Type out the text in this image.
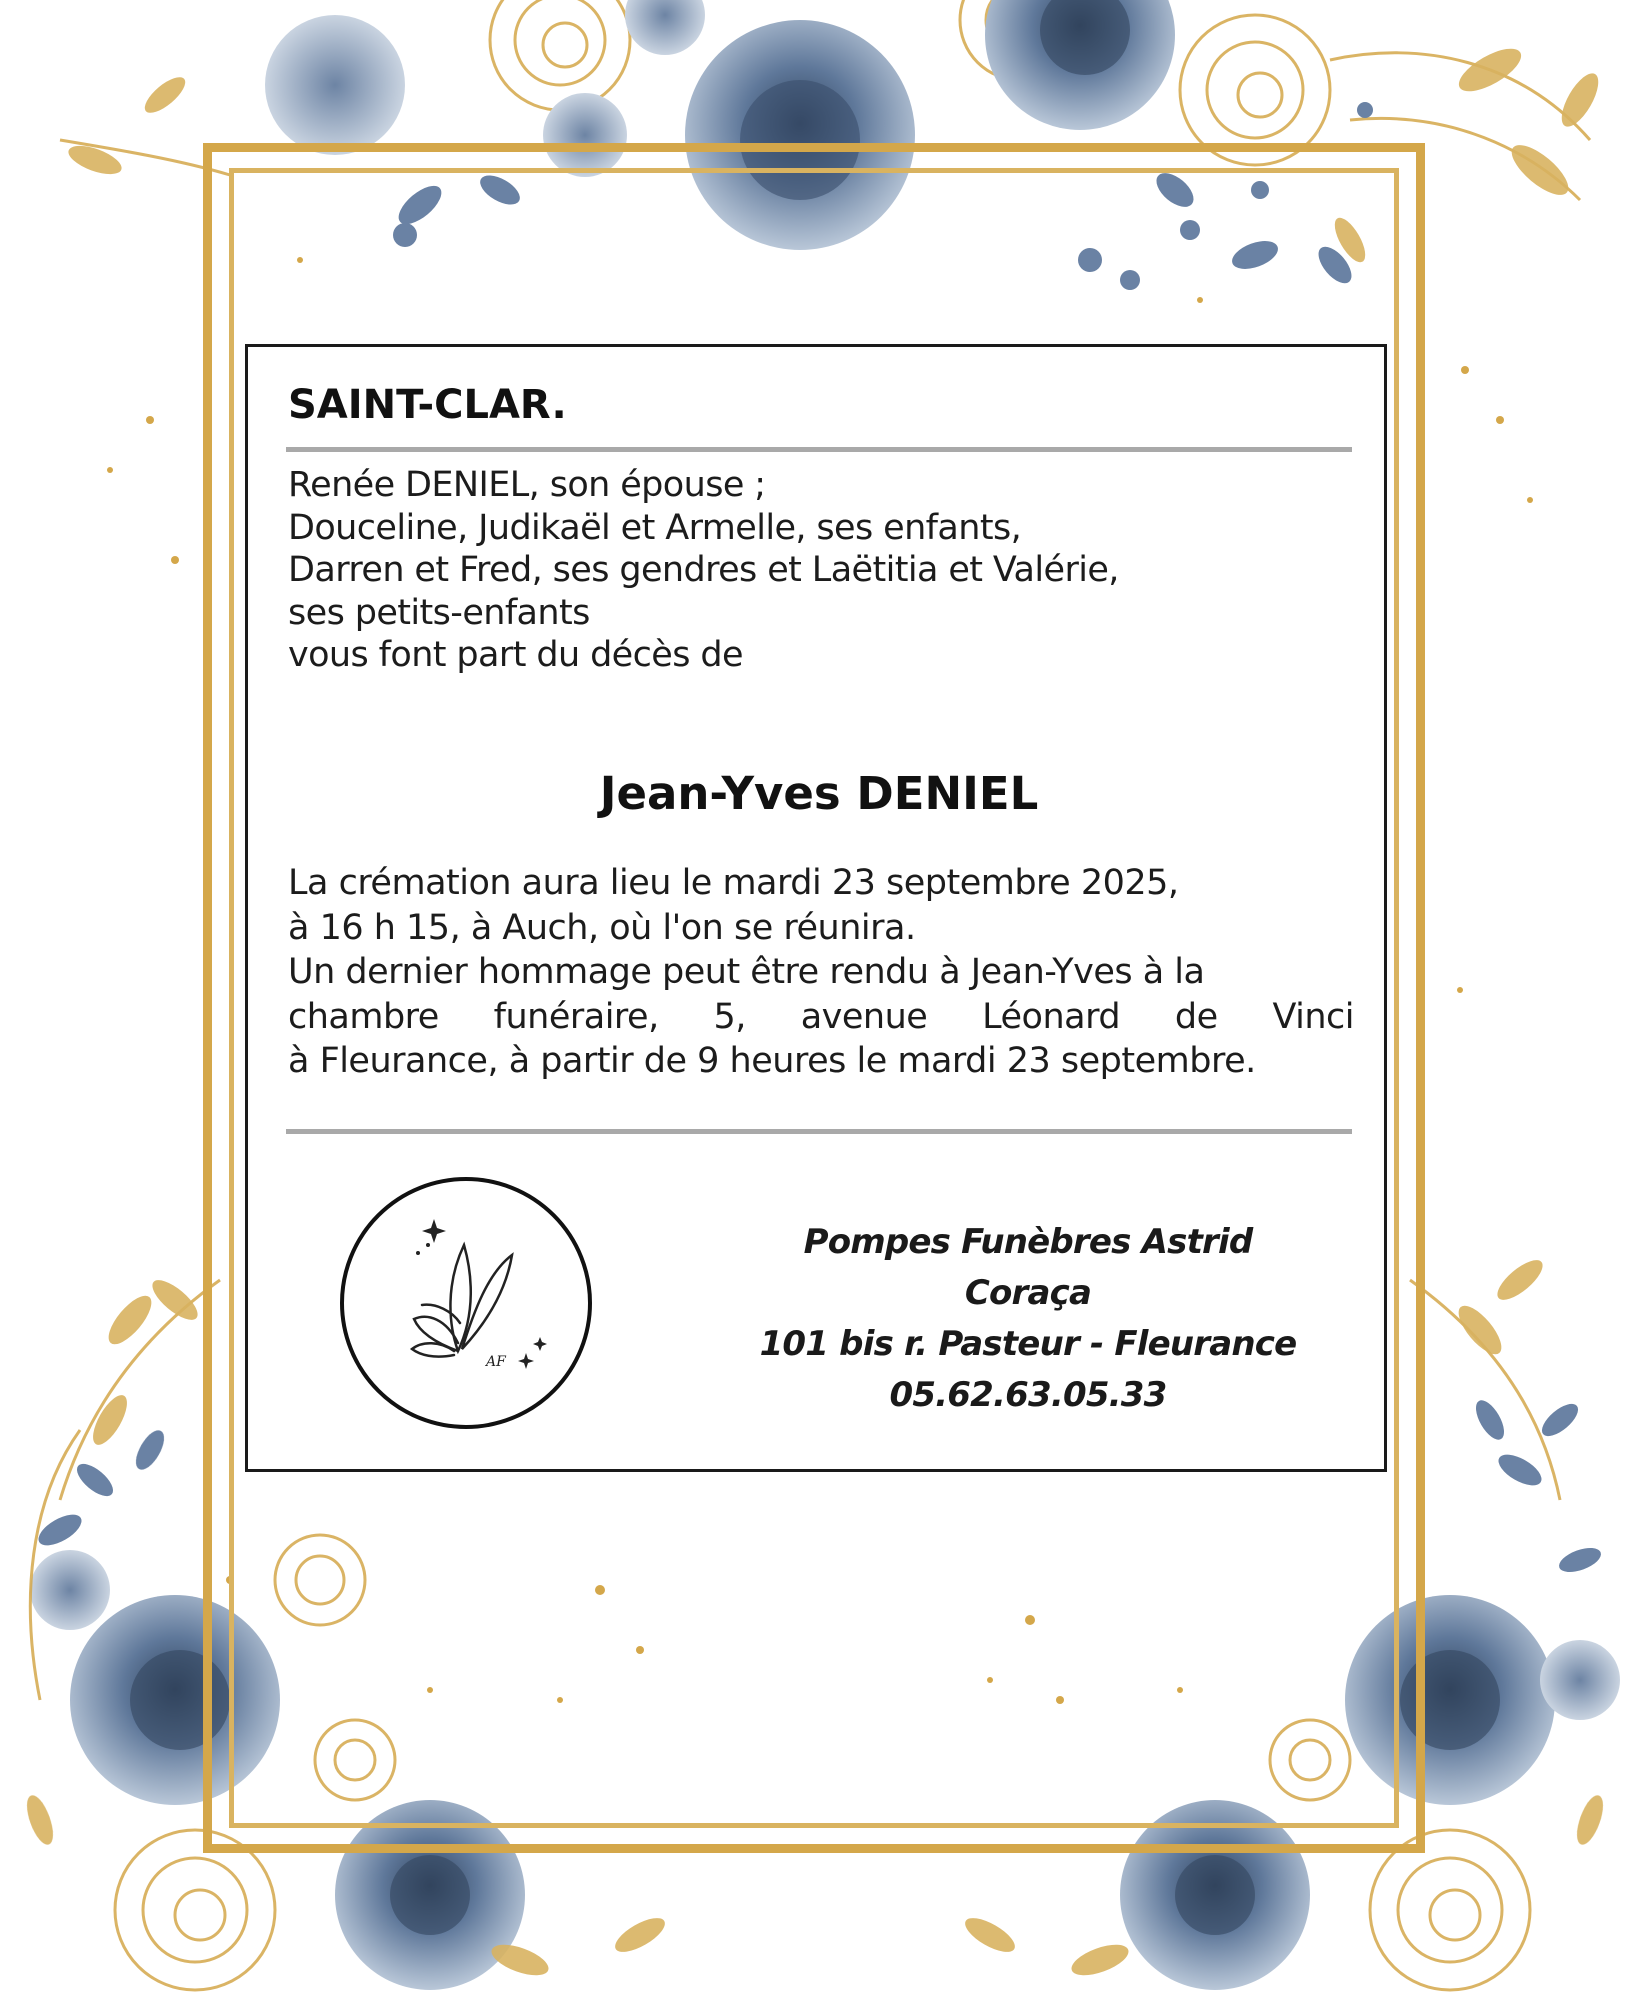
SAINT-CLAR.
Renée DENIEL, son épouse ;
Douceline, Judikaël et Armelle, ses enfants,
Darren et Fred, ses gendres et Laëtitia et Valérie,
ses petits-enfants
vous font part du décès de
Jean-Yves DENIEL
La crémation aura lieu le mardi 23 septembre 2025,
à 16 h 15, à Auch, où l'on se réunira.
Un dernier hommage peut être rendu à Jean-Yves à la
chambre funéraire, 5, avenue Léonard de Vinci
à Fleurance, à partir de 9 heures le mardi 23 septembre.
AF
Pompes Funèbres Astrid Coraça
101 bis r. Pasteur - Fleurance
05.62.63.05.33
